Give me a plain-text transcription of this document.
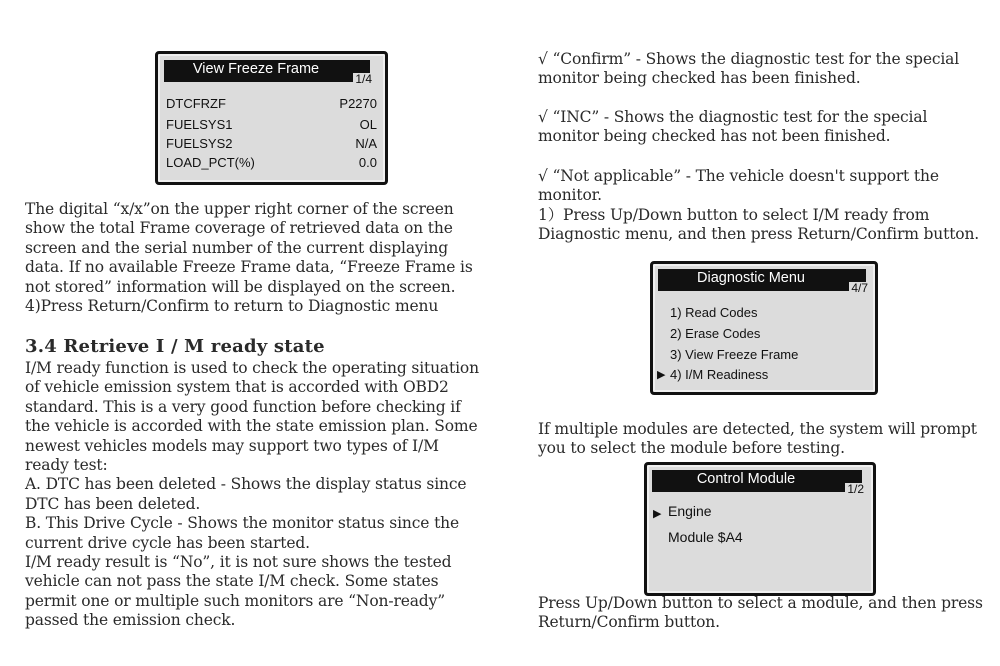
View Freeze Frame
1/4
DTCFRZF	P2270
FUELSYS1	OL
FUELSYS2	N/A
LOAD_PCT(%)	0.0
The digital “x/x”on the upper right corner of the screen
show the total Frame coverage of retrieved data on the
screen and the serial number of the current displaying
data. If no available Freeze Frame data, “Freeze Frame is
not stored” information will be displayed on the screen.
4)Press Return/Confirm to return to Diagnostic menu
3.4 Retrieve I / M ready state
I/M ready function is used to check the operating situation
of vehicle emission system that is accorded with OBD2
standard. This is a very good function before checking if
the vehicle is accorded with the state emission plan. Some
newest vehicles models may support two types of I/M
ready test:
A. DTC has been deleted - Shows the display status since
DTC has been deleted.
B. This Drive Cycle - Shows the monitor status since the
current drive cycle has been started.
I/M ready result is “No”, it is not sure shows the tested
vehicle can not pass the state I/M check. Some states
permit one or multiple such monitors are “Non-ready”
passed the emission check.
√ “Confirm” - Shows the diagnostic test for the special
monitor being checked has been finished.
√ “INC” - Shows the diagnostic test for the special
monitor being checked has not been finished.
√ “Not applicable” - The vehicle doesn't support the
monitor.
1）Press Up/Down button to select I/M ready from
Diagnostic menu, and then press Return/Confirm button.
Diagnostic Menu
4/7
1) Read Codes
2) Erase Codes
3) View Freeze Frame
▶ 4) I/M Readiness
If multiple modules are detected, the system will prompt
you to select the module before testing.
Control Module
1/2
▶ Engine
Module $A4
Press Up/Down button to select a module, and then press
Return/Confirm button.
